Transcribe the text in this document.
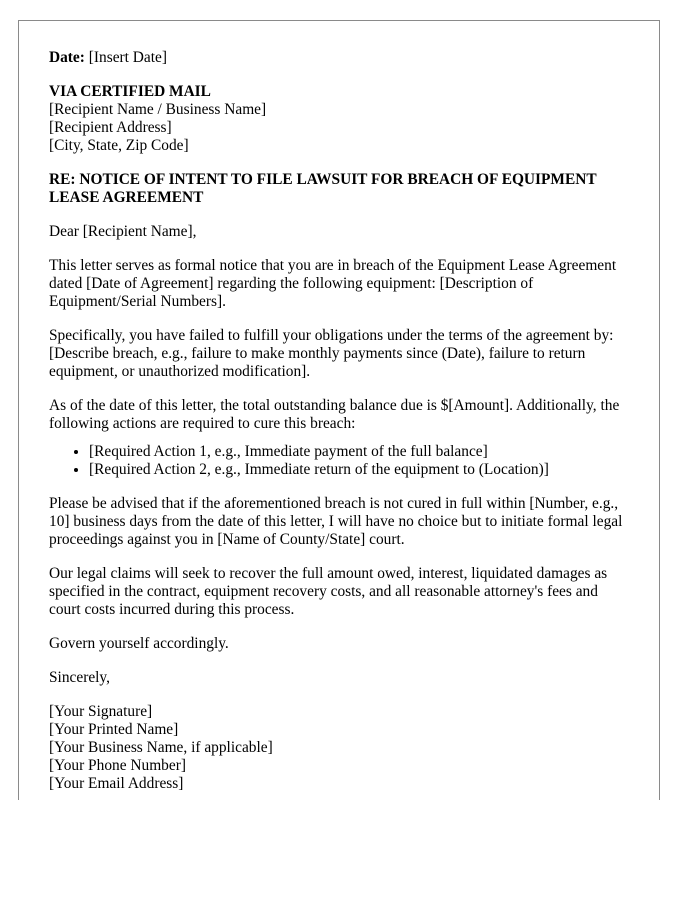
Date: [Insert Date]
VIA CERTIFIED MAIL
[Recipient Name / Business Name]
[Recipient Address]
[City, State, Zip Code]
RE: NOTICE OF INTENT TO FILE LAWSUIT FOR BREACH OF EQUIPMENT
LEASE AGREEMENT

Dear [Recipient Name],

This letter serves as formal notice that you are in breach of the Equipment Lease Agreement dated [Date of Agreement] regarding the following equipment: [Description of Equipment/Serial Numbers].

Specifically, you have failed to fulfill your obligations under the terms of the agreement by: [Describe breach, e.g., failure to make monthly payments since (Date), failure to return equipment, or unauthorized modification].

As of the date of this letter, the total outstanding balance due is $[Amount]. Additionally, the following actions are required to cure this breach:

• [Required Action 1, e.g., Immediate payment of the full balance]
• [Required Action 2, e.g., Immediate return of the equipment to (Location)]

Please be advised that if the aforementioned breach is not cured in full within [Number, e.g., 10] business days from the date of this letter, I will have no choice but to initiate formal legal proceedings against you in [Name of County/State] court.

Our legal claims will seek to recover the full amount owed, interest, liquidated damages as specified in the contract, equipment recovery costs, and all reasonable attorney's fees and court costs incurred during this process.

Govern yourself accordingly.

Sincerely,

[Your Signature]
[Your Printed Name]
[Your Business Name, if applicable]
[Your Phone Number]
[Your Email Address]
